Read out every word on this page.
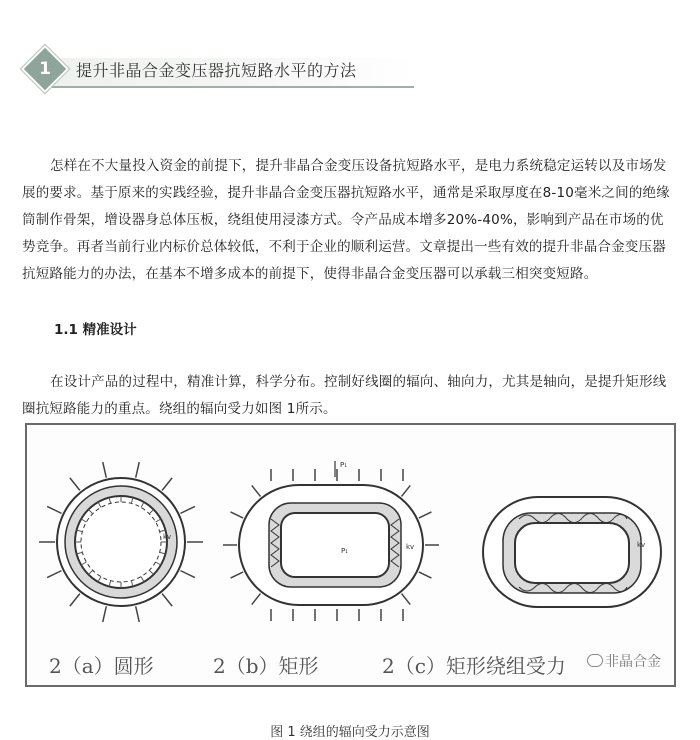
1	提升非晶合金变压器抗短路水平的方法

怎样在不大量投入资金的前提下，提升非晶合金变压设备抗短路水平，是电力系统稳定运转以及市场发展的要求。基于原来的实践经验，提升非晶合金变压器抗短路水平，通常是采取厚度在8-10毫米之间的绝缘筒制作骨架，增设器身总体压板，绕组使用浸漆方式。令产品成本增多20%-40%，影响到产品在市场的优势竞争。再者当前行业内标价总体较低，不利于企业的顺利运营。文章提出一些有效的提升非晶合金变压器抗短路能力的办法，在基本不增多成本的前提下，使得非晶合金变压器可以承载三相突变短路。

1.1 精准设计

在设计产品的过程中，精准计算，科学分布。控制好线圈的辐向、轴向力，尤其是轴向，是提升矩形线圈抗短路能力的重点。绕组的辐向受力如图 1所示。

kv
P₁
P₁	kv	kv
2（a）圆形	2（b）矩形	2（c）矩形绕组受力	非晶合金
图 1 绕组的辐向受力示意图
